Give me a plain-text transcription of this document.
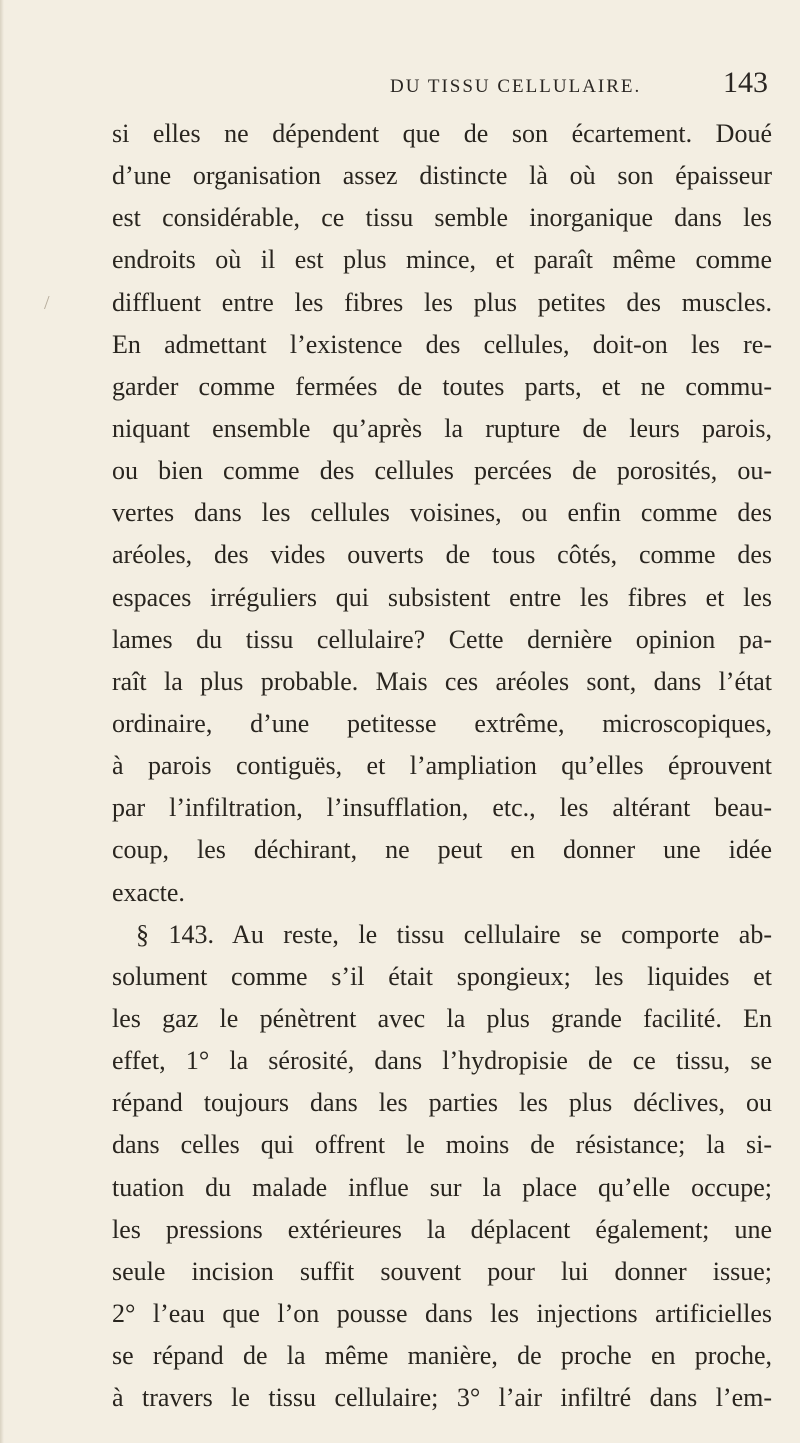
/
DU TISSU CELLULAIRE.	143
si elles ne dépendent que de son écartement. Doué
d’une organisation assez distincte là où son épaisseur
est considérable, ce tissu semble inorganique dans les
endroits où il est plus mince, et paraît même comme
diffluent entre les fibres les plus petites des muscles.
En admettant l’existence des cellules, doit-on les re-
garder comme fermées de toutes parts, et ne commu-
niquant ensemble qu’après la rupture de leurs parois,
ou bien comme des cellules percées de porosités, ou-
vertes dans les cellules voisines, ou enfin comme des
aréoles, des vides ouverts de tous côtés, comme des
espaces irréguliers qui subsistent entre les fibres et les
lames du tissu cellulaire? Cette dernière opinion pa-
raît la plus probable. Mais ces aréoles sont, dans l’état
ordinaire, d’une petitesse extrême, microscopiques,
à parois contiguës, et l’ampliation qu’elles éprouvent
par l’infiltration, l’insufflation, etc., les altérant beau-
coup, les déchirant, ne peut en donner une idée
exacte.
§ 143. Au reste, le tissu cellulaire se comporte ab-
solument comme s’il était spongieux; les liquides et
les gaz le pénètrent avec la plus grande facilité. En
effet, 1° la sérosité, dans l’hydropisie de ce tissu, se
répand toujours dans les parties les plus déclives, ou
dans celles qui offrent le moins de résistance; la si-
tuation du malade influe sur la place qu’elle occupe;
les pressions extérieures la déplacent également; une
seule incision suffit souvent pour lui donner issue;
2° l’eau que l’on pousse dans les injections artificielles
se répand de la même manière, de proche en proche,
à travers le tissu cellulaire; 3° l’air infiltré dans l’em-
